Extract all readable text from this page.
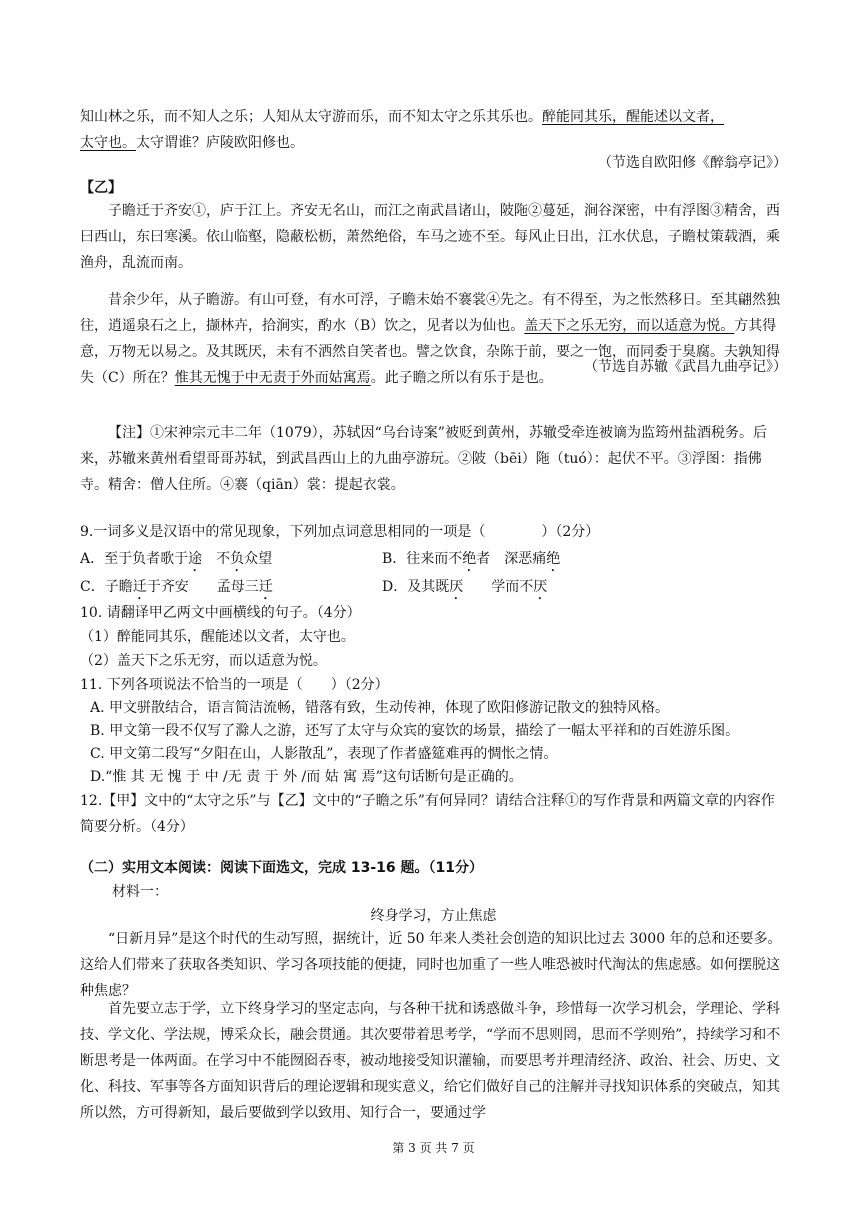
知山林之乐，而不知人之乐；人知从太守游而乐，而不知太守之乐其乐也。醉能同其乐，醒能述以文者，
太守也。太守谓谁？庐陵欧阳修也。

（节选自欧阳修《醉翁亭记》）

【乙】

子瞻迁于齐安①，庐于江上。齐安无名山，而江之南武昌诸山，陂陁②蔓延，涧谷深密，中有浮图③精舍，西曰西山，东曰寒溪。依山临壑，隐蔽松枥，萧然绝俗，车马之迹不至。每风止日出，江水伏息，子瞻杖策载酒，乘渔舟，乱流而南。

昔余少年，从子瞻游。有山可登，有水可浮，子瞻未始不褰裳④先之。有不得至，为之怅然移日。至其翩然独往，逍遥泉石之上，撷林卉，拾涧实，酌水（B）饮之，见者以为仙也。盖天下之乐无穷，而以适意为悦。方其得意，万物无以易之。及其既厌，未有不洒然自笑者也。譬之饮食，杂陈于前，要之一饱，而同委于臭腐。夫孰知得失（C）所在？惟其无愧于中无责于外而姑寓焉。此子瞻之所以有乐于是也。

（节选自苏辙《武昌九曲亭记》）

【注】①宋神宗元丰二年（1079），苏轼因“乌台诗案”被贬到黄州，苏辙受牵连被谪为监筠州盐酒税务。后来，苏辙来黄州看望哥哥苏轼，到武昌西山上的九曲亭游玩。②陂（bēi）陁（tuó）：起伏不平。③浮图：指佛寺。精舍：僧人住所。④褰（qiān）裳：提起衣裳。

9.一词多义是汉语中的常见现象，下列加点词意思相同的一项是（　　　　）（2分）

A．至于负者歌于途　不负众望	B．往来而不绝者　深恶痛绝
C．子瞻迁于齐安　　孟母三迁	D．及其既厌　　学而不厌

10. 请翻译甲乙两文中画横线的句子。（4分）

（1）醉能同其乐，醒能述以文者，太守也。

（2）盖天下之乐无穷，而以适意为悦。

11. 下列各项说法不恰当的一项是（　　）（2分）

A. 甲文骈散结合，语言简洁流畅，错落有致，生动传神，体现了欧阳修游记散文的独特风格。

B. 甲文第一段不仅写了滁人之游，还写了太守与众宾的宴饮的场景，描绘了一幅太平祥和的百姓游乐图。

C. 甲文第二段写“夕阳在山，人影散乱”，表现了作者盛筵难再的惆怅之情。

D.“惟 其 无 愧 于 中 /无 责 于 外 /而 姑 寓 焉”这句话断句是正确的。

12.【甲】文中的“太守之乐”与【乙】文中的“子瞻之乐”有何异同？请结合注释①的写作背景和两篇文章的内容作简要分析。（4分）

（二）实用文本阅读：阅读下面选文，完成 13-16 题。（11分）

材料一：

终身学习，方止焦虑

“日新月异”是这个时代的生动写照，据统计，近 50 年来人类社会创造的知识比过去 3000 年的总和还要多。这给人们带来了获取各类知识、学习各项技能的便捷，同时也加重了一些人唯恐被时代淘汰的焦虑感。如何摆脱这种焦虑？

首先要立志于学，立下终身学习的坚定志向，与各种干扰和诱惑做斗争，珍惜每一次学习机会，学理论、学科技、学文化、学法规，博采众长，融会贯通。其次要带着思考学，“学而不思则罔，思而不学则殆”，持续学习和不断思考是一体两面。在学习中不能囫囵吞枣，被动地接受知识灌输，而要思考并理清经济、政治、社会、历史、文化、科技、军事等各方面知识背后的理论逻辑和现实意义，给它们做好自己的注解并寻找知识体系的突破点，知其所以然，方可得新知，最后要做到学以致用、知行合一，要通过学

第 3 页 共 7 页
